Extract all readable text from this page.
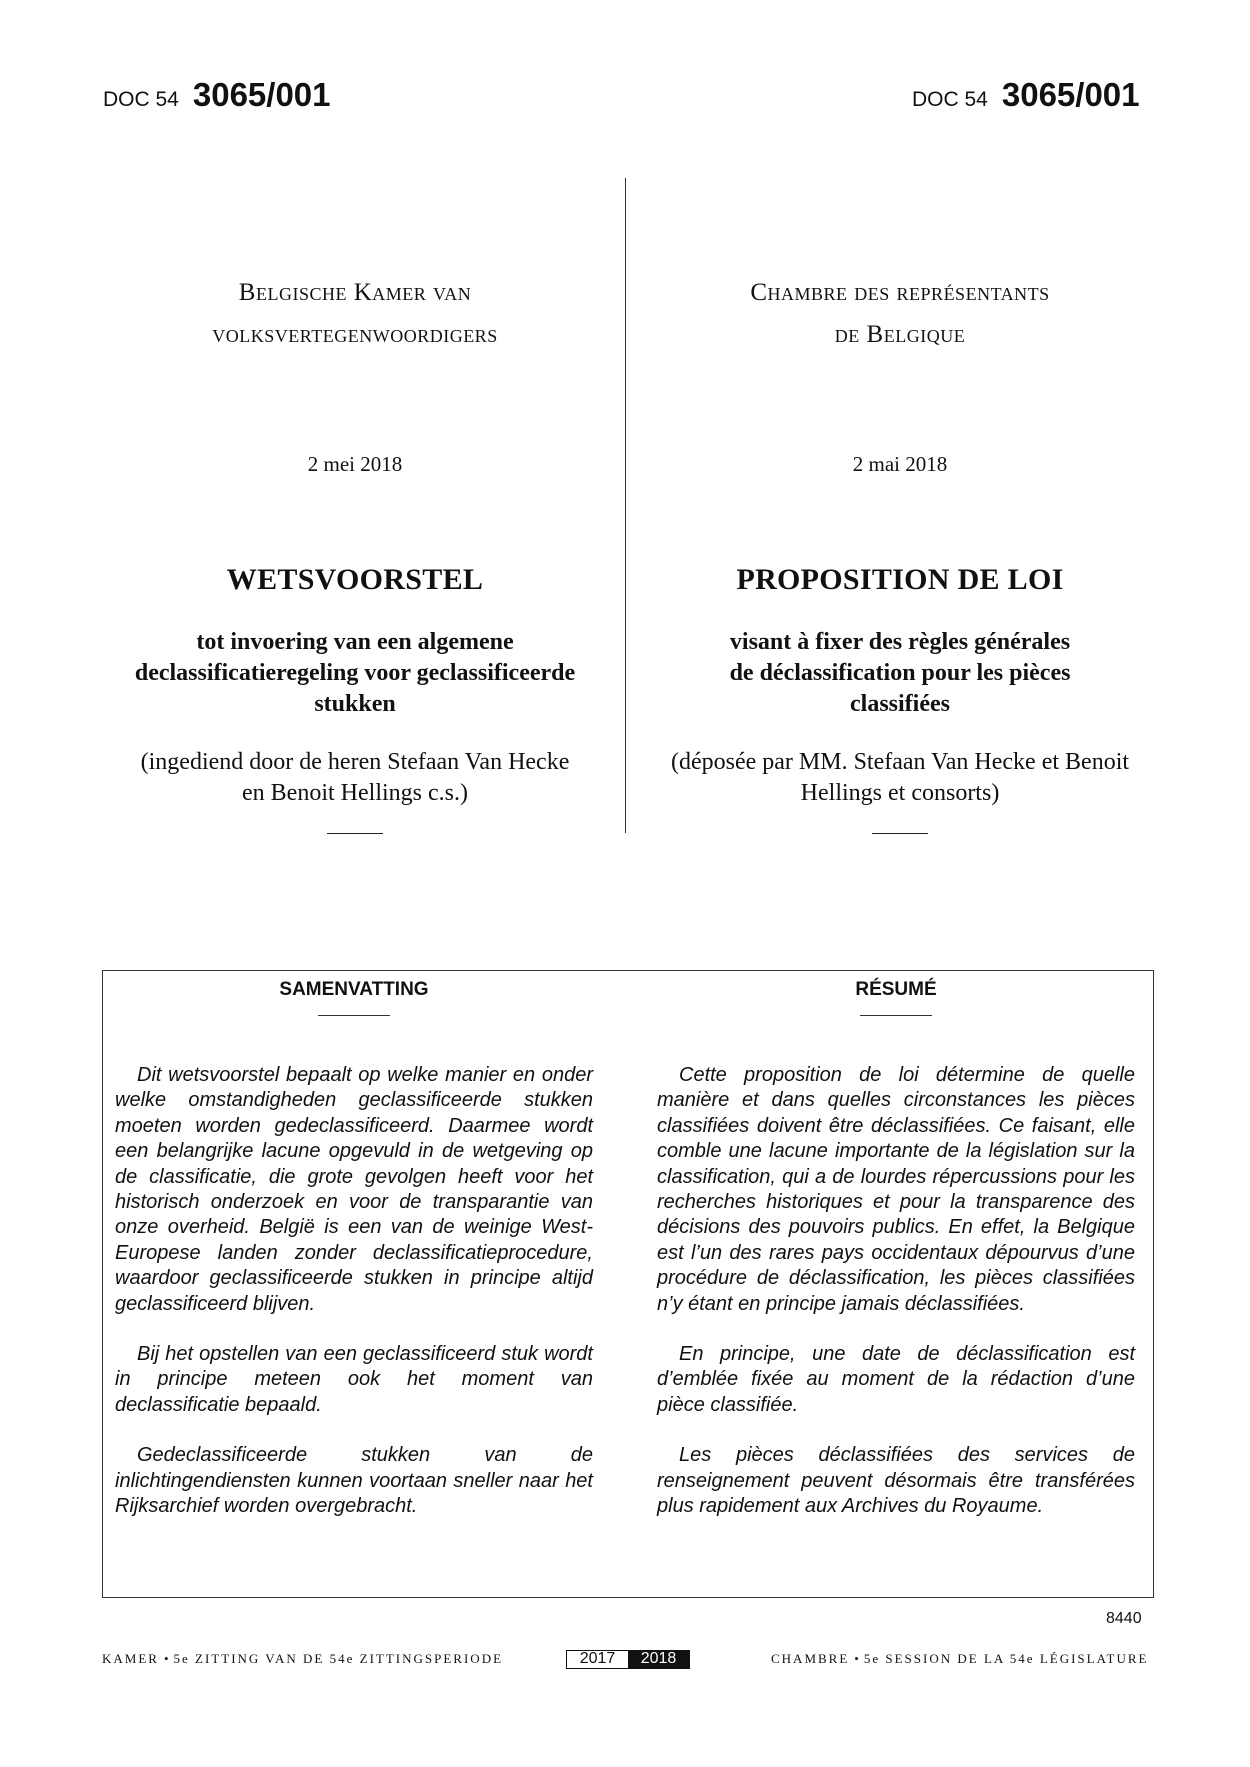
DOC 54 3065/001	DOC 54 3065/001
Belgische Kamer van
volksvertegenwoordigers
2 mei 2018
WETSVOORSTEL
tot invoering van een algemene
declassificatieregeling voor geclassificeerde
stukken
(ingediend door de heren Stefaan Van Hecke
en Benoit Hellings c.s.)
Chambre des représentants
de Belgique
2 mai 2018
PROPOSITION DE LOI
visant à fixer des règles générales
de déclassification pour les pièces
classifiées
(déposée par MM. Stefaan Van Hecke et Benoit
Hellings et consorts)
SAMENVATTING

Dit wetsvoorstel bepaalt op welke manier en onder welke omstandigheden geclassificeerde stukken moeten worden gedeclassificeerd. Daarmee wordt een belangrijke lacune opgevuld in de wetgeving op de classificatie, die grote gevolgen heeft voor het historisch onderzoek en voor de transparantie van onze overheid. België is een van de weinige West-Europese landen zonder declassificatieprocedure, waardoor geclassificeerde stukken in principe altijd geclassificeerd blijven.

Bij het opstellen van een geclassificeerd stuk wordt in principe meteen ook het moment van declassificatie bepaald.

Gedeclassificeerde stukken van de inlichtingendiensten kunnen voortaan sneller naar het Rijksarchief worden overgebracht.

RÉSUMÉ

Cette proposition de loi détermine de quelle manière et dans quelles circonstances les pièces classifiées doivent être déclassifiées. Ce faisant, elle comble une lacune importante de la législation sur la classification, qui a de lourdes répercussions pour les recherches historiques et pour la transparence des décisions des pouvoirs publics. En effet, la Belgique est l’un des rares pays occidentaux dépourvus d’une procédure de déclassification, les pièces classifiées n’y étant en principe jamais déclassifiées.

En principe, une date de déclassification est d’emblée fixée au moment de la rédaction d’une pièce classifiée.

Les pièces déclassifiées des services de renseignement peuvent désormais être transférées plus rapidement aux Archives du Royaume.

8440
KAMER • 5e ZITTING VAN DE 54e ZITTINGSPERIODE	2017	2018	CHAMBRE • 5e SESSION DE LA 54e LÉGISLATURE
